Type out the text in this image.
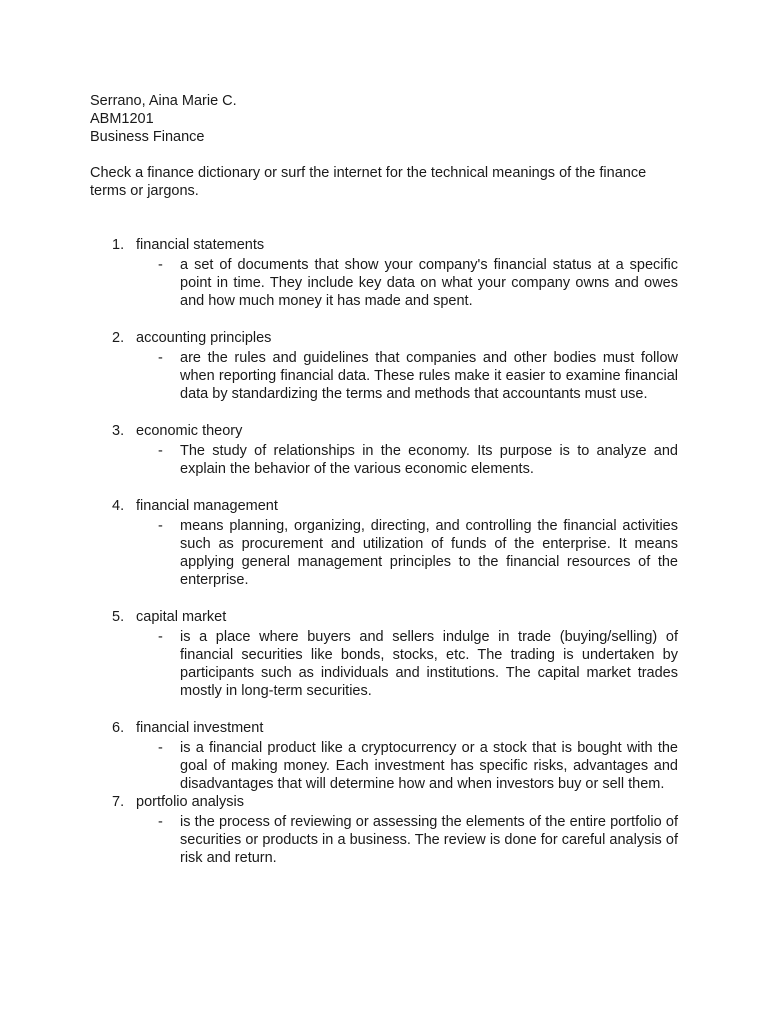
Serrano, Aina Marie C.

ABM1201

Business Finance

Check a finance dictionary or surf the internet for the technical meanings of the finance terms or jargons.

1. financial statements
- a set of documents that show your company's financial status at a specific point in time. They include key data on what your company owns and owes and how much money it has made and spent.
2. accounting principles
- are the rules and guidelines that companies and other bodies must follow when reporting financial data. These rules make it easier to examine financial data by standardizing the terms and methods that accountants must use.
3. economic theory
- The study of relationships in the economy. Its purpose is to analyze and explain the behavior of the various economic elements.
4. financial management
- means planning, organizing, directing, and controlling the financial activities such as procurement and utilization of funds of the enterprise. It means applying general management principles to the financial resources of the enterprise.
5. capital market
- is a place where buyers and sellers indulge in trade (buying/selling) of financial securities like bonds, stocks, etc. The trading is undertaken by participants such as individuals and institutions. The capital market trades mostly in long-term securities.
6. financial investment
- is a financial product like a cryptocurrency or a stock that is bought with the goal of making money. Each investment has specific risks, advantages and disadvantages that will determine how and when investors buy or sell them.
7. portfolio analysis
- is the process of reviewing or assessing the elements of the entire portfolio of securities or products in a business. The review is done for careful analysis of risk and return.
